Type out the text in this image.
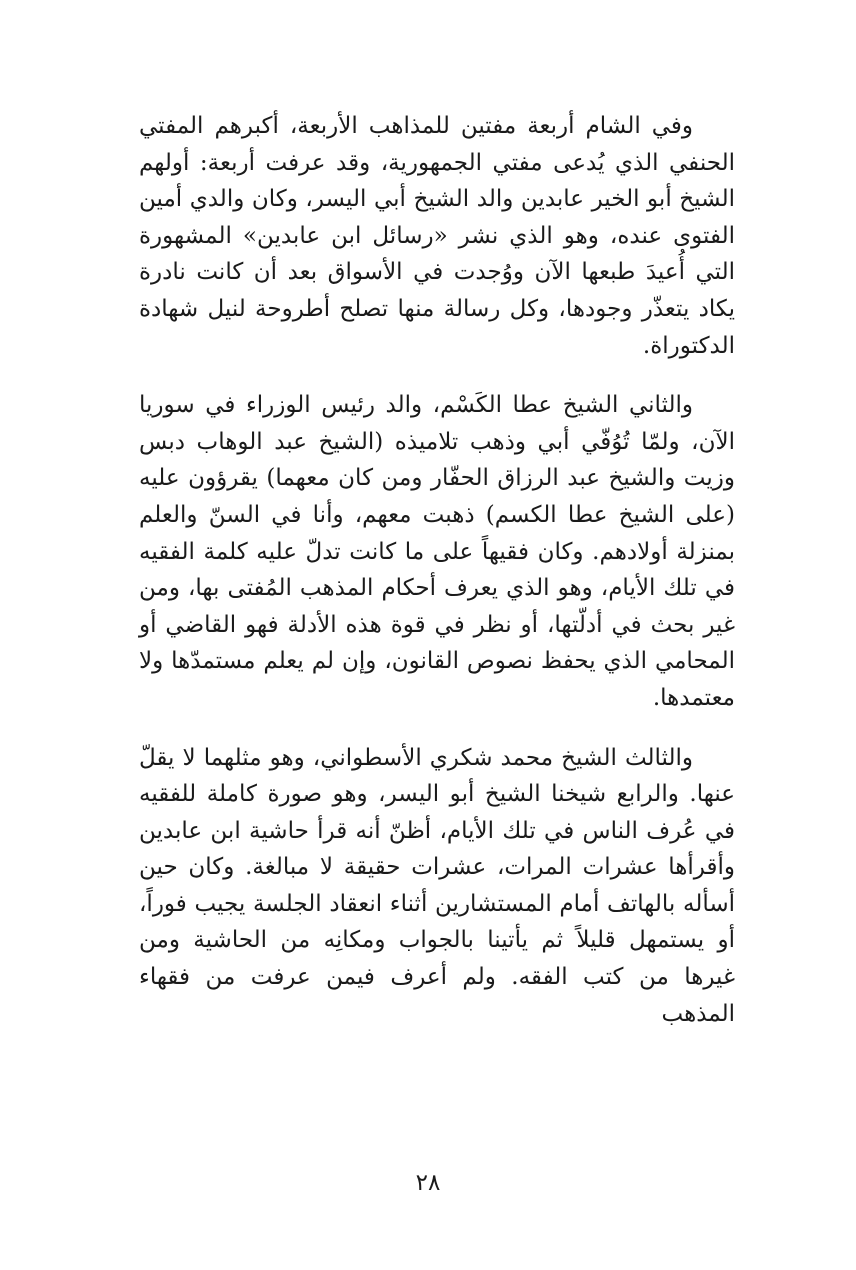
وفي الشام أربعة مفتين للمذاهب الأربعة، أكبرهم المفتي الحنفي الذي يُدعى مفتي الجمهورية، وقد عرفت أربعة: أولهم الشيخ أبو الخير عابدين والد الشيخ أبي اليسر، وكان والدي أمين الفتوى عنده، وهو الذي نشر «رسائل ابن عابدين» المشهورة التي أُعيدَ طبعها الآن ووُجدت في الأسواق بعد أن كانت نادرة يكاد يتعذّر وجودها، وكل رسالة منها تصلح أطروحة لنيل شهادة الدكتوراة.

والثاني الشيخ عطا الكَسْم، والد رئيس الوزراء في سوريا الآن، ولمّا تُوُفّي أبي وذهب تلاميذه (الشيخ عبد الوهاب دبس وزيت والشيخ عبد الرزاق الحفّار ومن كان معهما) يقرؤون عليه (على الشيخ عطا الكسم) ذهبت معهم، وأنا في السنّ والعلم بمنزلة أولادهم. وكان فقيهاً على ما كانت تدلّ عليه كلمة الفقيه في تلك الأيام، وهو الذي يعرف أحكام المذهب المُفتى بها، ومن غير بحث في أدلّتها، أو نظر في قوة هذه الأدلة فهو القاضي أو المحامي الذي يحفظ نصوص القانون، وإن لم يعلم مستمدّها ولا معتمدها.

والثالث الشيخ محمد شكري الأسطواني، وهو مثلهما لا يقلّ عنها. والرابع شيخنا الشيخ أبو اليسر، وهو صورة كاملة للفقيه في عُرف الناس في تلك الأيام، أظنّ أنه قرأ حاشية ابن عابدين وأقرأها عشرات المرات، عشرات حقيقة لا مبالغة. وكان حين أسأله بالهاتف أمام المستشارين أثناء انعقاد الجلسة يجيب فوراً، أو يستمهل قليلاً ثم يأتينا بالجواب ومكانِه من الحاشية ومن غيرها من كتب الفقه. ولم أعرف فيمن عرفت من فقهاء المذهب

٢٨
